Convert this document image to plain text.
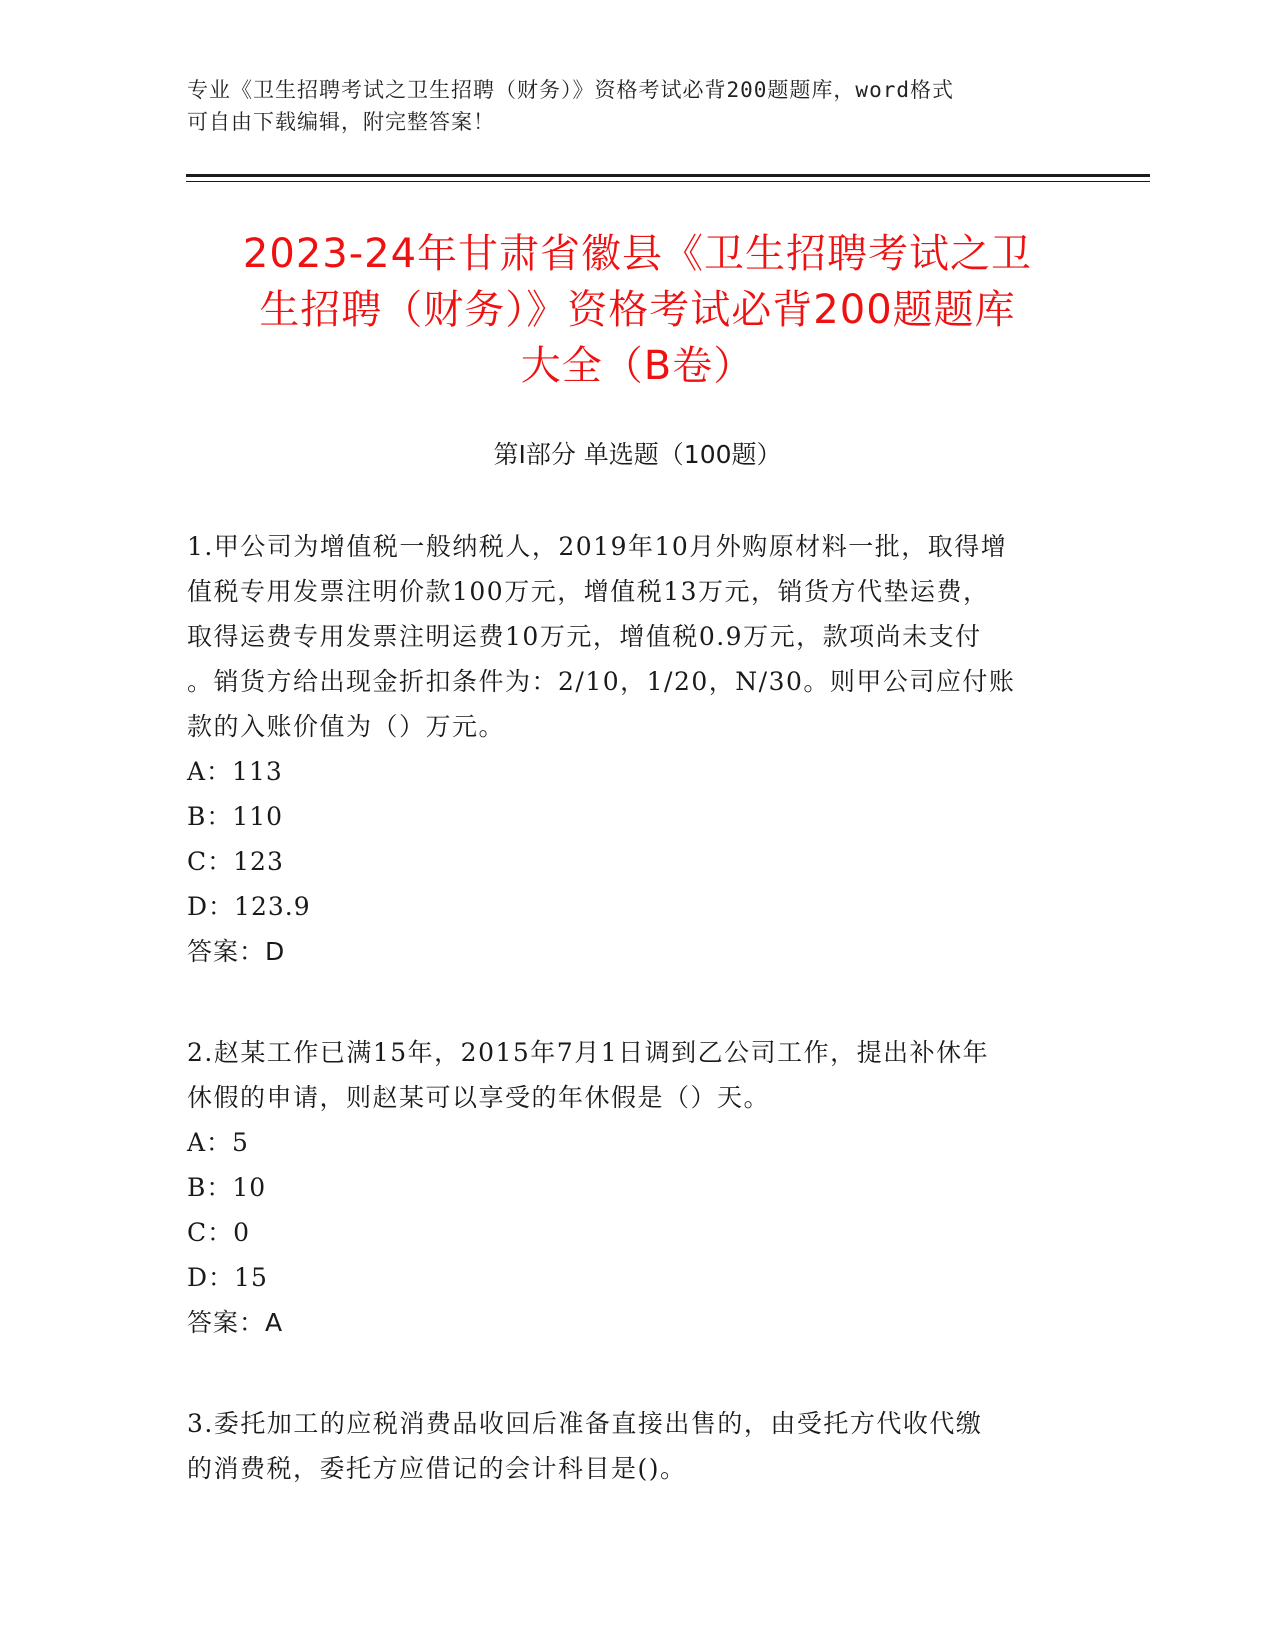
专业《卫生招聘考试之卫生招聘（财务）》资格考试必背200题题库，word格式
可自由下载编辑，附完整答案！
2023-24年甘肃省徽县《卫生招聘考试之卫
生招聘（财务）》资格考试必背200题题库
大全（B卷）
第I部分 单选题（100题）
1.甲公司为增值税一般纳税人，2019年10月外购原材料一批，取得增
值税专用发票注明价款100万元，增值税13万元，销货方代垫运费，
取得运费专用发票注明运费10万元，增值税0.9万元，款项尚未支付
。销货方给出现金折扣条件为：2/10，1/20，N/30。则甲公司应付账
款的入账价值为（）万元。
A：113
B：110
C：123
D：123.9
答案：D
2.赵某工作已满15年，2015年7月1日调到乙公司工作，提出补休年
休假的申请，则赵某可以享受的年休假是（）天。
A：5
B：10
C：0
D：15
答案：A
3.委托加工的应税消费品收回后准备直接出售的，由受托方代收代缴
的消费税，委托方应借记的会计科目是()。
